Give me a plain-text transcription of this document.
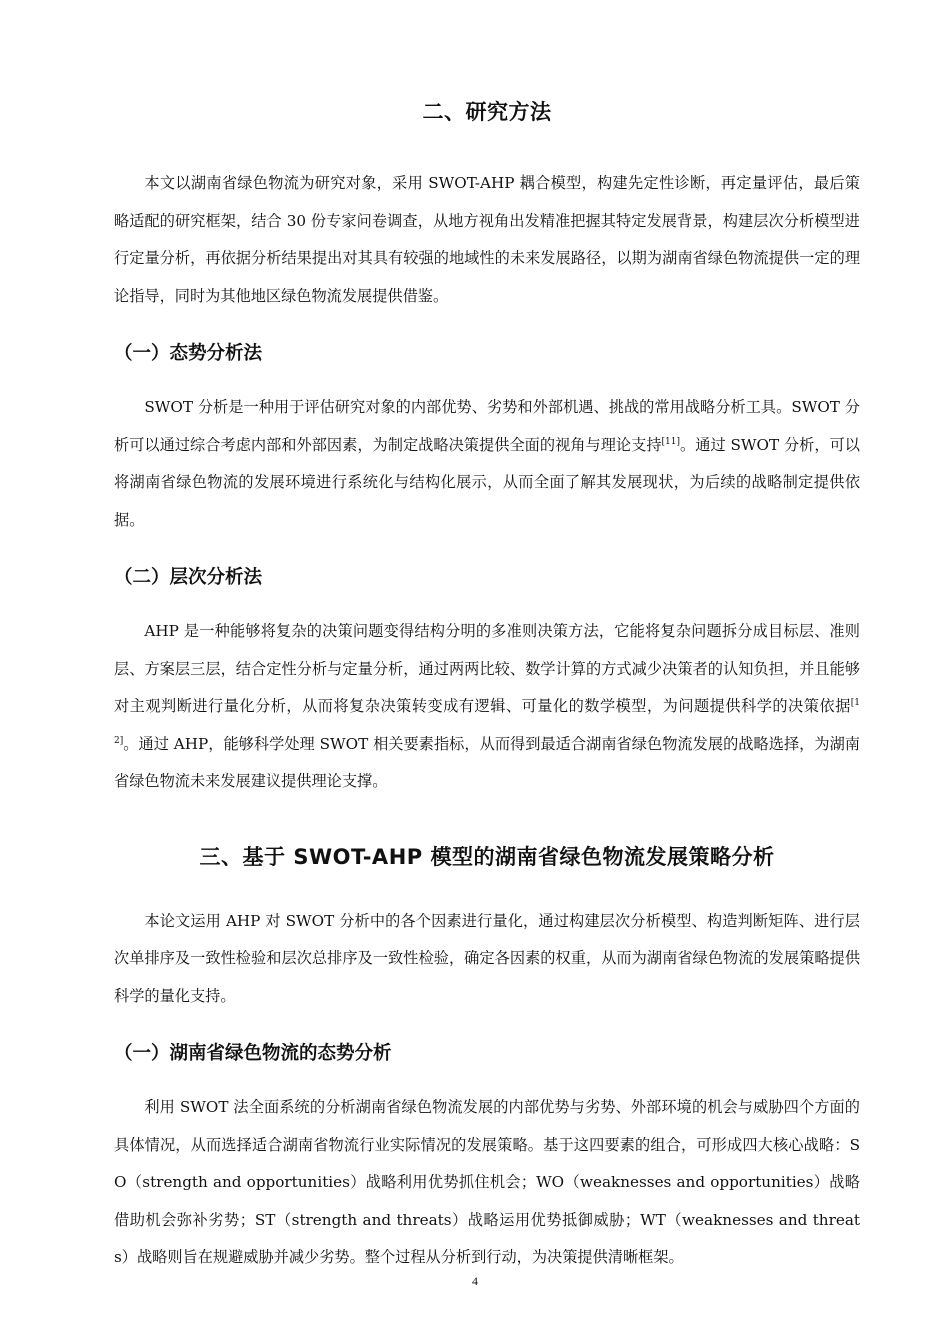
二、研究方法

本文以湖南省绿色物流为研究对象，采用 SWOT-AHP 耦合模型，构建先定性诊断，再定量评估，最后策略适配的研究框架，结合 30 份专家问卷调查，从地方视角出发精准把握其特定发展背景，构建层次分析模型进行定量分析，再依据分析结果提出对其具有较强的地域性的未来发展路径，以期为湖南省绿色物流提供一定的理论指导，同时为其他地区绿色物流发展提供借鉴。

（一）态势分析法

SWOT 分析是一种用于评估研究对象的内部优势、劣势和外部机遇、挑战的常用战略分析工具。SWOT 分析可以通过综合考虑内部和外部因素，为制定战略决策提供全面的视角与理论支持[11]。通过 SWOT 分析，可以将湖南省绿色物流的发展环境进行系统化与结构化展示，从而全面了解其发展现状，为后续的战略制定提供依据。

（二）层次分析法

AHP 是一种能够将复杂的决策问题变得结构分明的多准则决策方法，它能将复杂问题拆分成目标层、准则层、方案层三层，结合定性分析与定量分析，通过两两比较、数学计算的方式减少决策者的认知负担，并且能够对主观判断进行量化分析，从而将复杂决策转变成有逻辑、可量化的数学模型，为问题提供科学的决策依据[12]。通过 AHP，能够科学处理 SWOT 相关要素指标，从而得到最适合湖南省绿色物流发展的战略选择，为湖南省绿色物流未来发展建议提供理论支撑。

三、基于 SWOT-AHP 模型的湖南省绿色物流发展策略分析

本论文运用 AHP 对 SWOT 分析中的各个因素进行量化，通过构建层次分析模型、构造判断矩阵、进行层次单排序及一致性检验和层次总排序及一致性检验，确定各因素的权重，从而为湖南省绿色物流的发展策略提供科学的量化支持。

（一）湖南省绿色物流的态势分析

利用 SWOT 法全面系统的分析湖南省绿色物流发展的内部优势与劣势、外部环境的机会与威胁四个方面的具体情况，从而选择适合湖南省物流行业实际情况的发展策略。基于这四要素的组合，可形成四大核心战略：SO（strength and opportunities）战略利用优势抓住机会；WO（weaknesses and opportunities）战略借助机会弥补劣势；ST（strength and threats）战略运用优势抵御威胁；WT（weaknesses and threats）战略则旨在规避威胁并减少劣势。整个过程从分析到行动，为决策提供清晰框架。

4
